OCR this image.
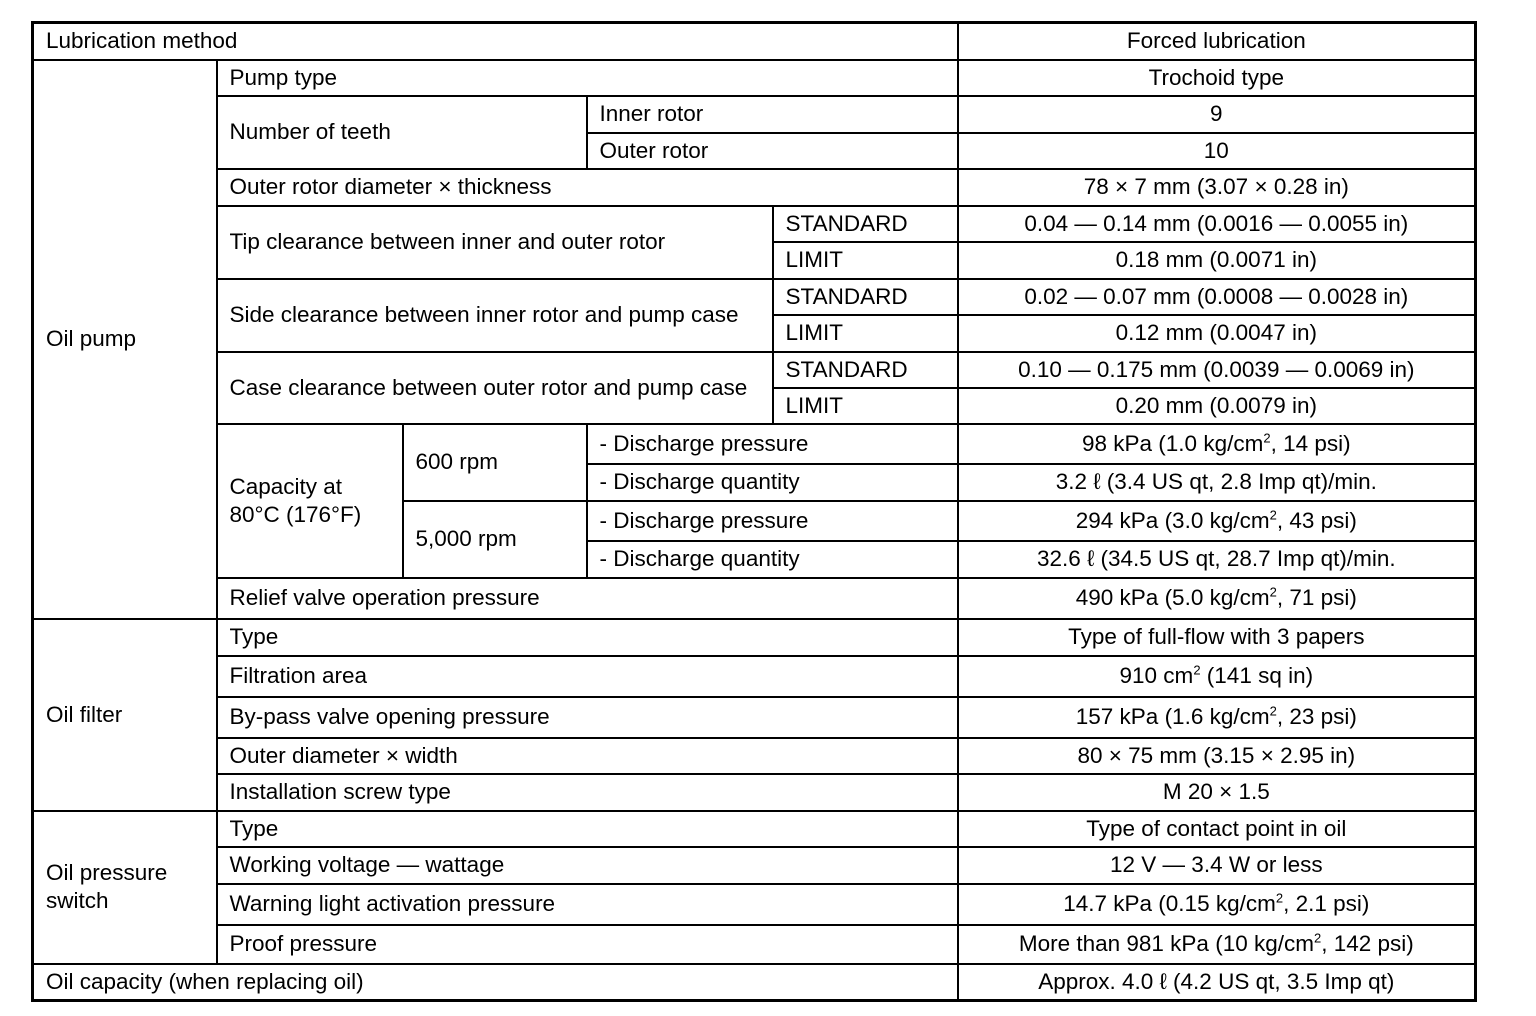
Lubrication method					Forced lubrication
Oil pump	Pump type				Trochoid type
	Number of teeth		Inner rotor		9
			Outer rotor		10
	Outer rotor diameter × thickness				78 × 7 mm (3.07 × 0.28 in)
	Tip clearance between inner and outer rotor			STANDARD	0.04 — 0.14 mm (0.0016 — 0.0055 in)
				LIMIT	0.18 mm (0.0071 in)
	Side clearance between inner rotor and pump case			STANDARD	0.02 — 0.07 mm (0.0008 — 0.0028 in)
				LIMIT	0.12 mm (0.0047 in)
	Case clearance between outer rotor and pump case			STANDARD	0.10 — 0.175 mm (0.0039 — 0.0069 in)
				LIMIT	0.20 mm (0.0079 in)
	Capacity at 80°C (176°F)	600 rpm	- Discharge pressure		98 kPa (1.0 $kg/cm^2$, 14 psi)
			- Discharge quantity		3.2 ℓ (3.4 US qt, 2.8 Imp qt)/min.
		5,000 rpm	- Discharge pressure		294 kPa (3.0 $kg/cm^2$, 43 psi)
			- Discharge quantity		32.6 ℓ (34.5 US qt, 28.7 Imp qt)/min.
	Relief valve operation pressure				490 kPa (5.0 $kg/cm^2$, 71 psi)
Oil filter	Type				Type of full-flow with 3 papers
	Filtration area				910 $cm^2$ (141 sq in)
	By-pass valve opening pressure				157 kPa (1.6 $kg/cm^2$, 23 psi)
	Outer diameter × width				80 × 75 mm (3.15 × 2.95 in)
	Installation screw type				M 20 × 1.5
Oil pressure switch	Type				Type of contact point in oil
	Working voltage — wattage				12 V — 3.4 W or less
	Warning light activation pressure				14.7 kPa (0.15 $kg/cm^2$, 2.1 psi)
	Proof pressure				More than 981 kPa (10 $kg/cm^2$, 142 psi)
Oil capacity (when replacing oil)					Approx. 4.0 ℓ (4.2 US qt, 3.5 Imp qt)
